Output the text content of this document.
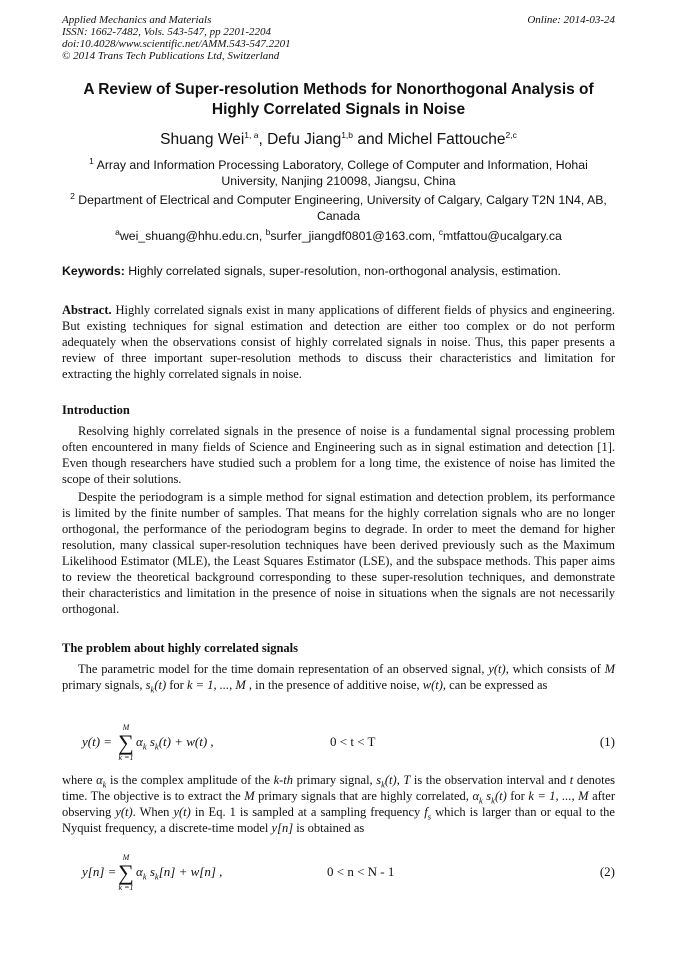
Applied Mechanics and Materials
ISSN: 1662-7482, Vols. 543-547, pp 2201-2204
doi:10.4028/www.scientific.net/AMM.543-547.2201
© 2014 Trans Tech Publications Ltd, Switzerland
Online: 2014-03-24
A Review of Super-resolution Methods for Nonorthogonal Analysis of Highly Correlated Signals in Noise
Shuang Wei$^{1, a}$, Defu Jiang$^{1,b}$ and Michel Fattouche$^{2,c}$
$^1$ Array and Information Processing Laboratory, College of Computer and Information, Hohai University, Nanjing 210098, Jiangsu, China
$^2$ Department of Electrical and Computer Engineering, University of Calgary, Calgary T2N 1N4, AB, Canada
$^a$wei_shuang@hhu.edu.cn, $^b$surfer_jiangdf0801@163.com, $^c$mtfattou@ucalgary.ca
Keywords: Highly correlated signals, super-resolution, non-orthogonal analysis, estimation.
Abstract. Highly correlated signals exist in many applications of different fields of physics and engineering. But existing techniques for signal estimation and detection are either too complex or do not perform adequately when the observations consist of highly correlated signals in noise. Thus, this paper presents a review of three important super-resolution methods to discuss their characteristics and limitation for extracting the highly correlated signals in noise.
Introduction
Resolving highly correlated signals in the presence of noise is a fundamental signal processing problem often encountered in many fields of Science and Engineering such as in signal estimation and detection [1]. Even though researchers have studied such a problem for a long time, the existence of noise has limited the scope of their solutions.
Despite the periodogram is a simple method for signal estimation and detection problem, its performance is limited by the finite number of samples. That means for the highly correlation signals who are no longer orthogonal, the performance of the periodogram begins to degrade. In order to meet the demand for higher resolution, many classical super-resolution techniques have been derived previously such as the Maximum Likelihood Estimator (MLE), the Least Squares Estimator (LSE), and the subspace methods. This paper aims to review the theoretical background corresponding to these super-resolution techniques, and demonstrate their characteristics and limitation in the presence of noise in situations when the signals are not necessarily orthogonal.
The problem about highly correlated signals
The parametric model for the time domain representation of an observed signal, y(t), which consists of M primary signals, $s_k(t)$ for k = 1, ..., M , in the presence of additive noise, w(t), can be expressed as
y(t) =
M
∑
k =1
$\alpha_k$ $s_k(t) + w(t)$ ,	0 < t < T	(1)
where $\alpha_k$ is the complex amplitude of the k-th primary signal, $s_k(t)$, T is the observation interval and t denotes time. The objective is to extract the M primary signals that are highly correlated, $\alpha_k$ $s_k(t)$ for k = 1, ..., M after observing y(t). When y(t) in Eq. 1 is sampled at a sampling frequency $f_s$ which is larger than or equal to the Nyquist frequency, a discrete-time model y[n] is obtained as
y[n] =
M
∑
k =1
$\alpha_k$ $s_k[n] + w[n]$ ,	0 < n < N - 1	(2)
